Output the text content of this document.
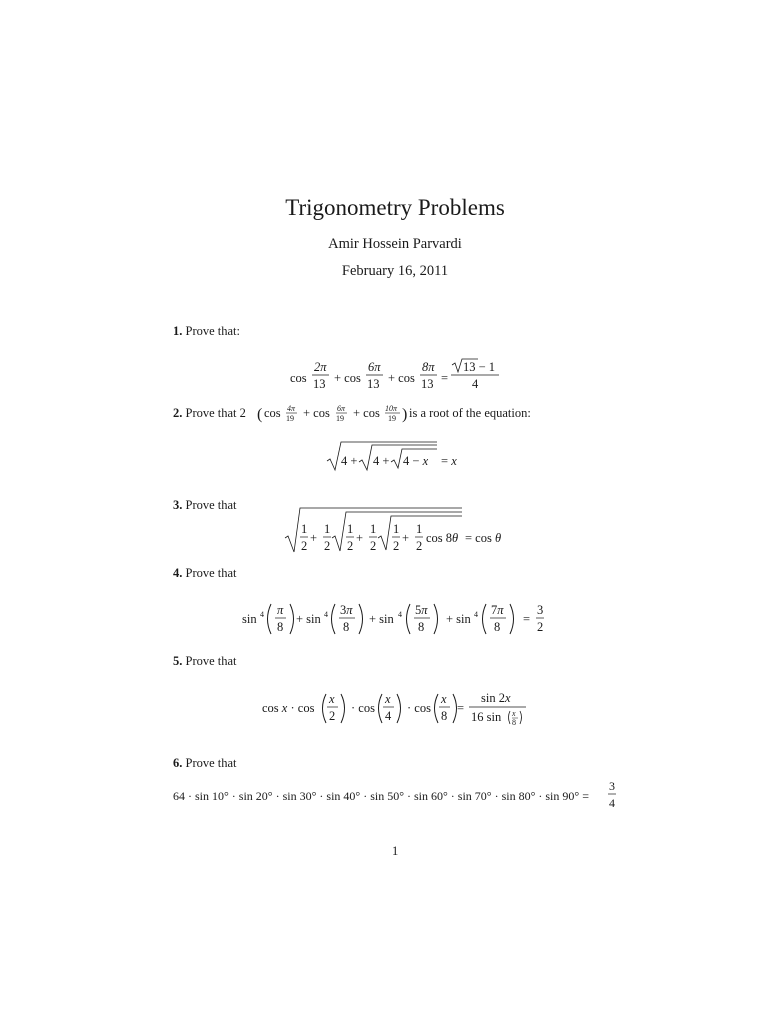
Trigonometry Problems
Amir Hossein Parvardi
February 16, 2011
1. Prove that:
cos
2π
13 + cos
6π
13 + cos
8π
13 =
13 − 1
4
2. Prove that 2 ( cos 4π
19 + cos 6π
19 + cos 10π
19 ) is a root of the equation:
4 + 4 + 4 − x = x
3. Prove that
1
2
+
1
2
1
2
+
1
2
1
2
+
1
2
cos 8θ = cos θ
4. Prove that
sin 4 π
8
+ sin 4 3π
8
+ sin 4 5π
8
+ sin 4 7π
8
=
3
2
5. Prove that
cos x · cos
x
2
· cos
x
4
· cos
x
8
=
sin 2x
16 sin x
8
6. Prove that
64 · sin 10° · sin 20° · sin 30° · sin 40° · sin 50° · sin 60° · sin 70° · sin 80° · sin 90° =
3
4
1
